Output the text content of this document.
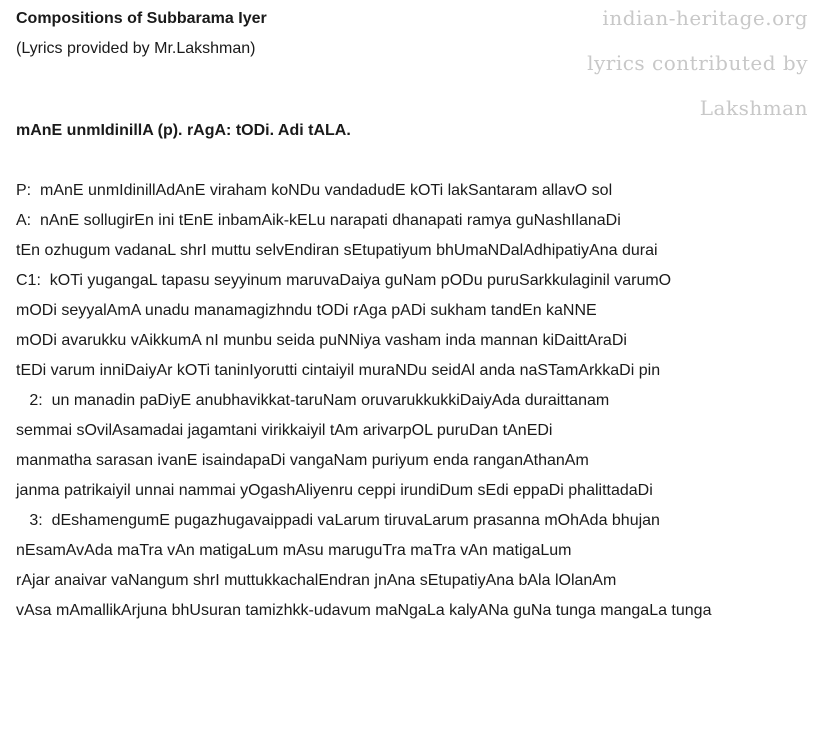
indian-heritage.org
lyrics contributed by
Lakshman
Compositions of Subbarama Iyer
(Lyrics provided by Mr.Lakshman)
mAnE unmIdinillA (p). rAgA: tODi. Adi tALA.
P:  mAnE unmIdinillAdAnE viraham koNDu vandadudE kOTi lakSantaram allavO sol
A:  nAnE sollugirEn ini tEnE inbamAik-kELu narapati dhanapati ramya guNashIlanaDi
tEn ozhugum vadanaL shrI muttu selvEndiran sEtupatiyum bhUmaNDalAdhipatiyAna durai
C1:  kOTi yugangaL tapasu seyyinum maruvaDaiya guNam pODu puruSarkkulaginil varumO
mODi seyyalAmA unadu manamagizhndu tODi rAga pADi sukham tandEn kaNNE
mODi avarukku vAikkumA nI munbu seida puNNiya vasham inda mannan kiDaittAraDi
tEDi varum inniDaiyAr kOTi taninIyorutti cintaiyil muraNDu seidAl anda naSTamArkkaDi pin
2:  un manadin paDiyE anubhavikkat-taruNam oruvarukkukkiDaiyAda duraittanam
semmai sOvilAsamadai jagamtani virikkaiyil tAm arivarpOL puruDan tAnEDi
manmatha sarasan ivanE isaindapaDi vangaNam puriyum enda ranganAthanAm
janma patrikaiyil unnai nammai yOgashAliyenru ceppi irundiDum sEdi eppaDi phalittadaDi
3:  dEshamengumE pugazhugavaippadi vaLarum tiruvaLarum prasanna mOhAda bhujan
nEsamAvAda maTra vAn matigaLum mAsu maruguTra maTra vAn matigaLum
rAjar anaivar vaNangum shrI muttukkachalEndran jnAna sEtupatiyAna bAla lOlanAm
vAsa mAmallikArjuna bhUsuran tamizhkk-udavum maNgaLa kalyANa guNa tunga mangaLa tunga
